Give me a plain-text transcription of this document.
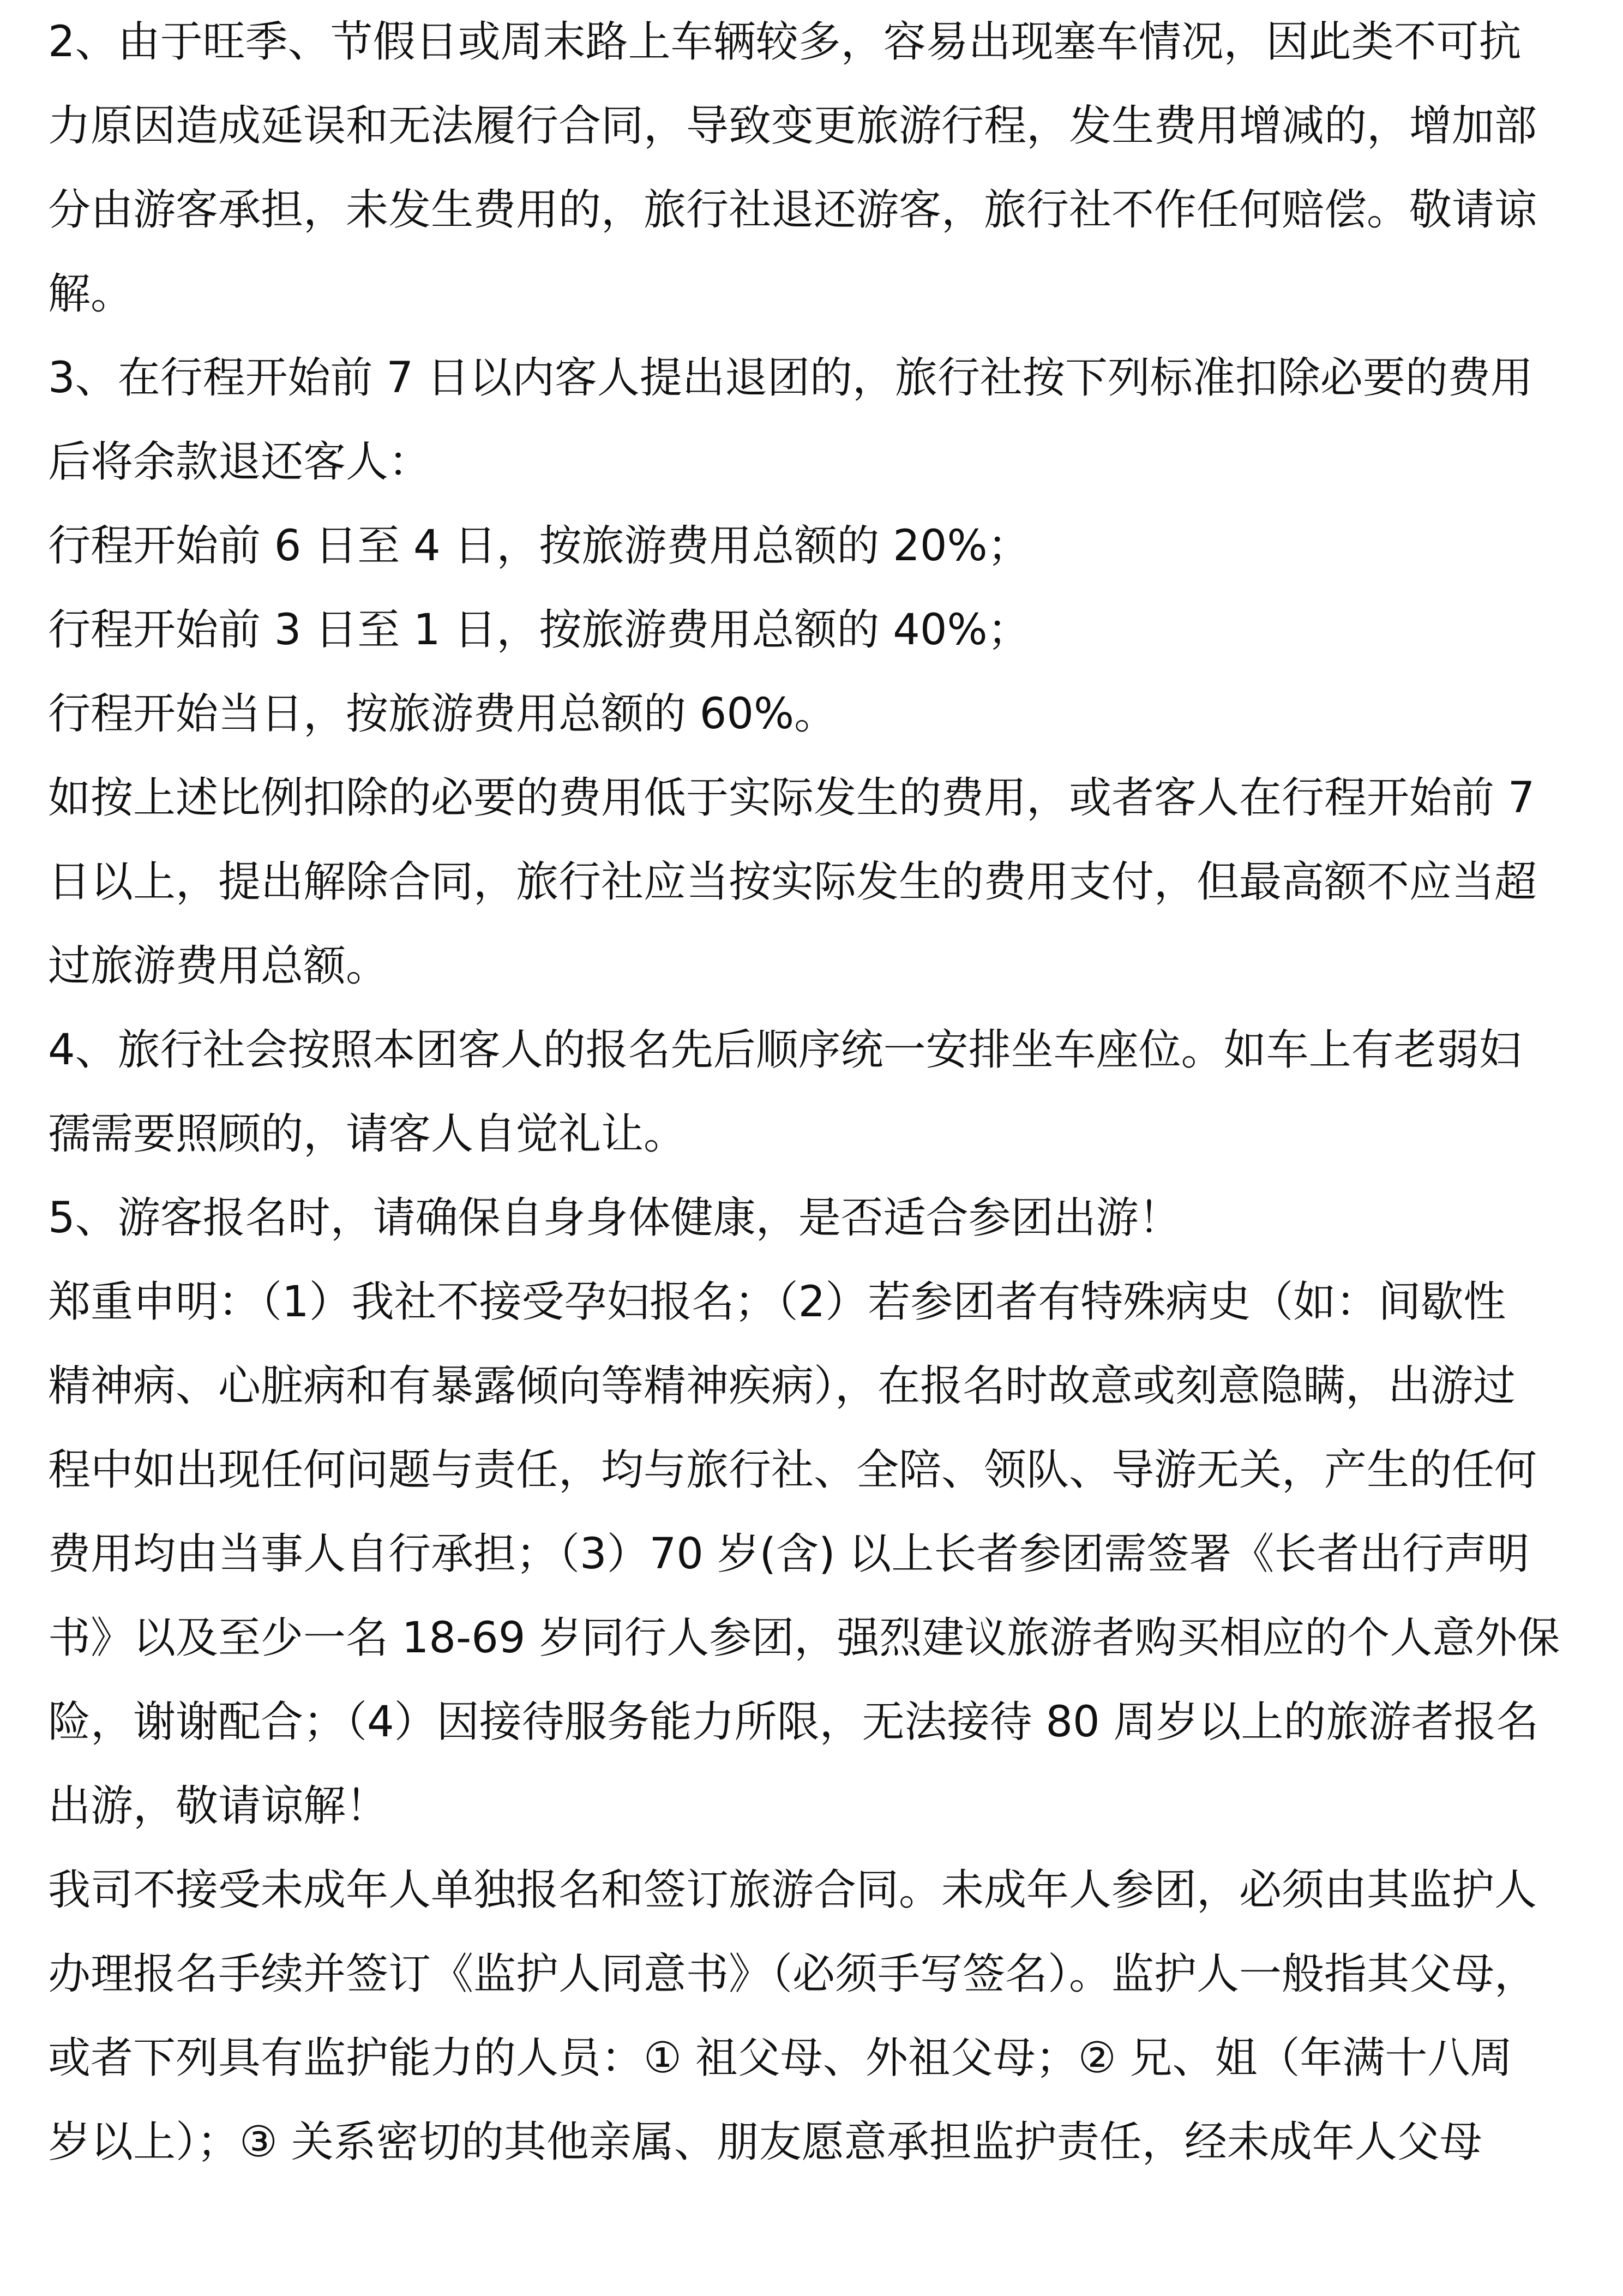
2、由于旺季、节假日或周末路上车辆较多，容易出现塞车情况，因此类不可抗
力原因造成延误和无法履行合同，导致变更旅游行程，发生费用增减的，增加部
分由游客承担，未发生费用的，旅行社退还游客，旅行社不作任何赔偿。敬请谅
解。
3、在行程开始前 7 日以内客人提出退团的，旅行社按下列标准扣除必要的费用
后将余款退还客人：
行程开始前 6 日至 4 日，按旅游费用总额的 20%；
行程开始前 3 日至 1 日，按旅游费用总额的 40%；
行程开始当日，按旅游费用总额的 60%。
如按上述比例扣除的必要的费用低于实际发生的费用，或者客人在行程开始前 7
日以上，提出解除合同，旅行社应当按实际发生的费用支付，但最高额不应当超
过旅游费用总额。
4、旅行社会按照本团客人的报名先后顺序统一安排坐车座位。如车上有老弱妇
孺需要照顾的，请客人自觉礼让。
5、游客报名时，请确保自身身体健康，是否适合参团出游！
郑重申明：（1）我社不接受孕妇报名；（2）若参团者有特殊病史（如：间歇性
精神病、心脏病和有暴露倾向等精神疾病），在报名时故意或刻意隐瞒，出游过
程中如出现任何问题与责任，均与旅行社、全陪、领队、导游无关，产生的任何
费用均由当事人自行承担；（3）70 岁(含) 以上长者参团需签署《长者出行声明
书》以及至少一名 18-69 岁同行人参团，强烈建议旅游者购买相应的个人意外保
险，谢谢配合；（4）因接待服务能力所限，无法接待 80 周岁以上的旅游者报名
出游，敬请谅解！
我司不接受未成年人单独报名和签订旅游合同。未成年人参团，必须由其监护人
办理报名手续并签订《监护人同意书》（必须手写签名）。监护人一般指其父母，
或者下列具有监护能力的人员：① 祖父母、外祖父母；② 兄、姐（年满十八周
岁以上）；③ 关系密切的其他亲属、朋友愿意承担监护责任，经未成年人父母
